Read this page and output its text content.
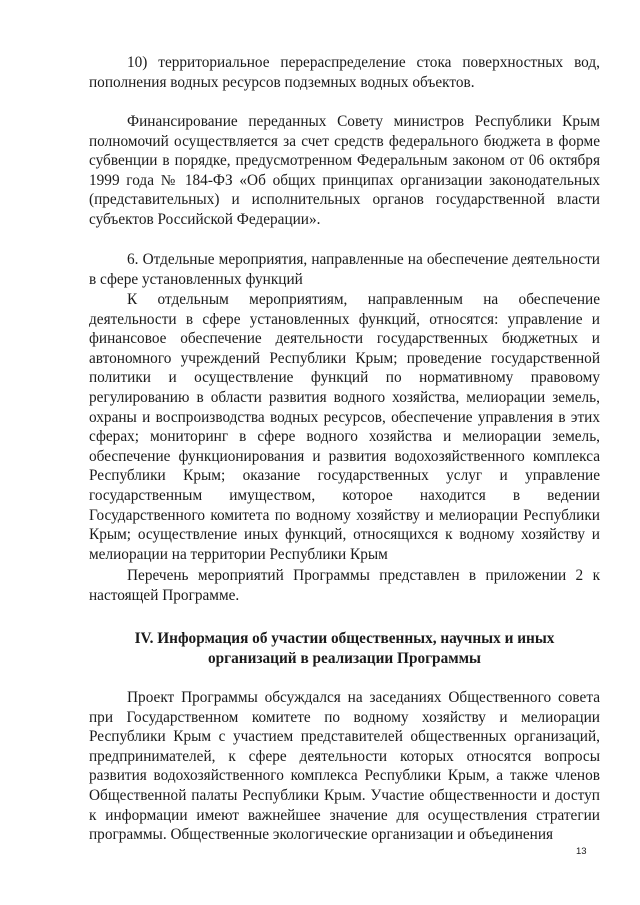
10) территориальное перераспределение стока поверхностных вод, пополнения водных ресурсов подземных водных объектов.

Финансирование переданных Совету министров Республики Крым полномочий осуществляется за счет средств федерального бюджета в форме субвенции в порядке, предусмотренном Федеральным законом от 06 октября 1999 года № 184-ФЗ «Об общих принципах организации законодательных (представительных) и исполнительных органов государственной власти субъектов Российской Федерации».

6. Отдельные мероприятия, направленные на обеспечение деятельности в сфере установленных функций

К отдельным мероприятиям, направленным на обеспечение деятельности в сфере установленных функций, относятся: управление и финансовое обеспечение деятельности государственных бюджетных и автономного учреждений Республики Крым; проведение государственной политики и осуществление функций по нормативному правовому регулированию в области развития водного хозяйства, мелиорации земель, охраны и воспроизводства водных ресурсов, обеспечение управления в этих сферах; мониторинг в сфере водного хозяйства и мелиорации земель, обеспечение функционирования и развития водохозяйственного комплекса Республики Крым; оказание государственных услуг и управление государственным имуществом, которое находится в ведении Государственного комитета по водному хозяйству и мелиорации Республики Крым; осуществление иных функций, относящихся к водному хозяйству и мелиорации на территории Республики Крым

Перечень мероприятий Программы представлен в приложении 2 к настоящей Программе.

IV. Информация об участии общественных, научных и иных
организаций в реализации Программы

Проект Программы обсуждался на заседаниях Общественного совета при Государственном комитете по водному хозяйству и мелиорации Республики Крым с участием представителей общественных организаций, предпринимателей, к сфере деятельности которых относятся вопросы развития водохозяйственного комплекса Республики Крым, а также членов Общественной палаты Республики Крым. Участие общественности и доступ к информации имеют важнейшее значение для осуществления стратегии программы. Общественные экологические организации и объединения

13
